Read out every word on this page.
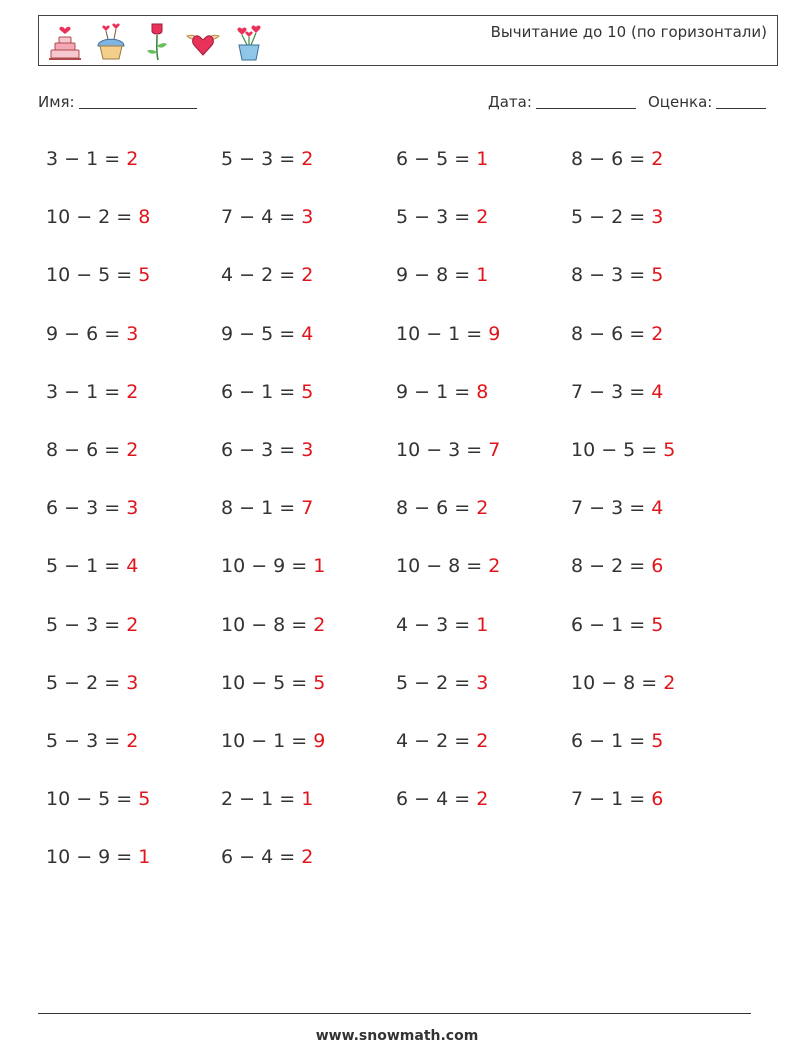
Вычитание до 10 (по горизонтали)
Имя:	Дата:	Оценка:
3 − 1 = 2	5 − 3 = 2	6 − 5 = 1	8 − 6 = 2
10 − 2 = 8	7 − 4 = 3	5 − 3 = 2	5 − 2 = 3
10 − 5 = 5	4 − 2 = 2	9 − 8 = 1	8 − 3 = 5
9 − 6 = 3	9 − 5 = 4	10 − 1 = 9	8 − 6 = 2
3 − 1 = 2	6 − 1 = 5	9 − 1 = 8	7 − 3 = 4
8 − 6 = 2	6 − 3 = 3	10 − 3 = 7	10 − 5 = 5
6 − 3 = 3	8 − 1 = 7	8 − 6 = 2	7 − 3 = 4
5 − 1 = 4	10 − 9 = 1	10 − 8 = 2	8 − 2 = 6
5 − 3 = 2	10 − 8 = 2	4 − 3 = 1	6 − 1 = 5
5 − 2 = 3	10 − 5 = 5	5 − 2 = 3	10 − 8 = 2
5 − 3 = 2	10 − 1 = 9	4 − 2 = 2	6 − 1 = 5
10 − 5 = 5	2 − 1 = 1	6 − 4 = 2	7 − 1 = 6
10 − 9 = 1	6 − 4 = 2
www.snowmath.com
